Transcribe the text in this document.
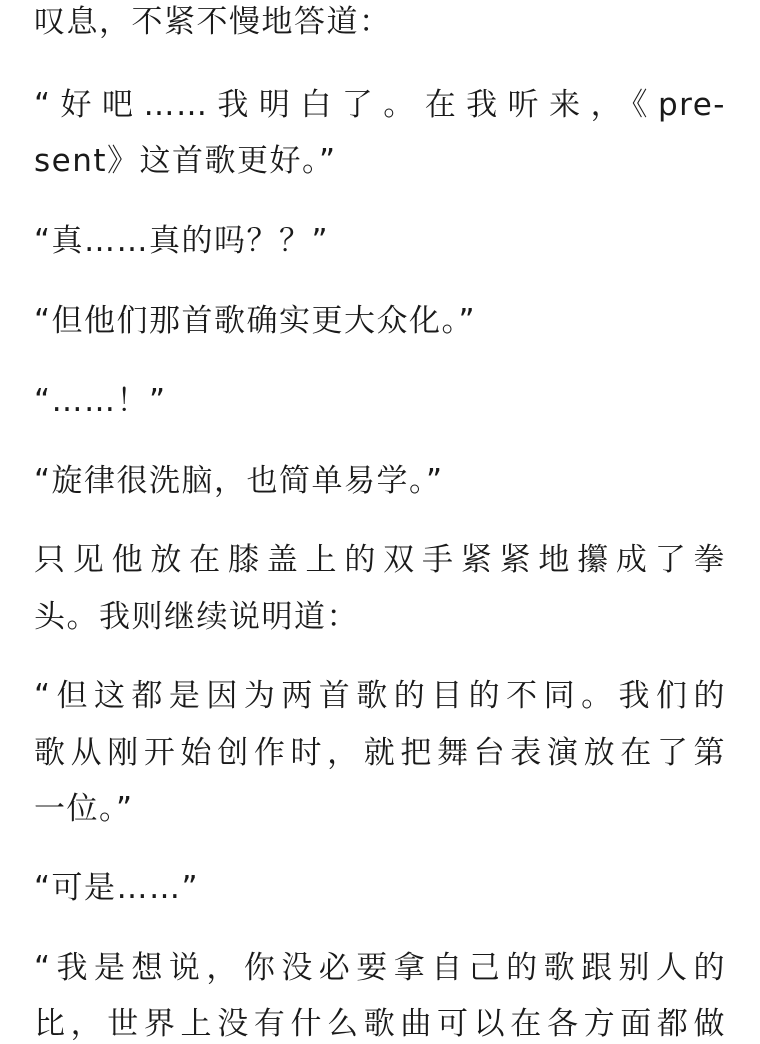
叹息，不紧不慢地答道：
“好吧……我明白了。在我听来，《pre-
sent》这首歌更好。”
“真……真的吗？？”
“但他们那首歌确实更大众化。”
“……！”
“旋律很洗脑，也简单易学。”
只见他放在膝盖上的双手紧紧地攥成了拳
头。我则继续说明道：
“但这都是因为两首歌的目的不同。我们的
歌从刚开始创作时，就把舞台表演放在了第
一位。”
“可是……”
“我是想说，你没必要拿自己的歌跟别人的
比，世界上没有什么歌曲可以在各方面都做
